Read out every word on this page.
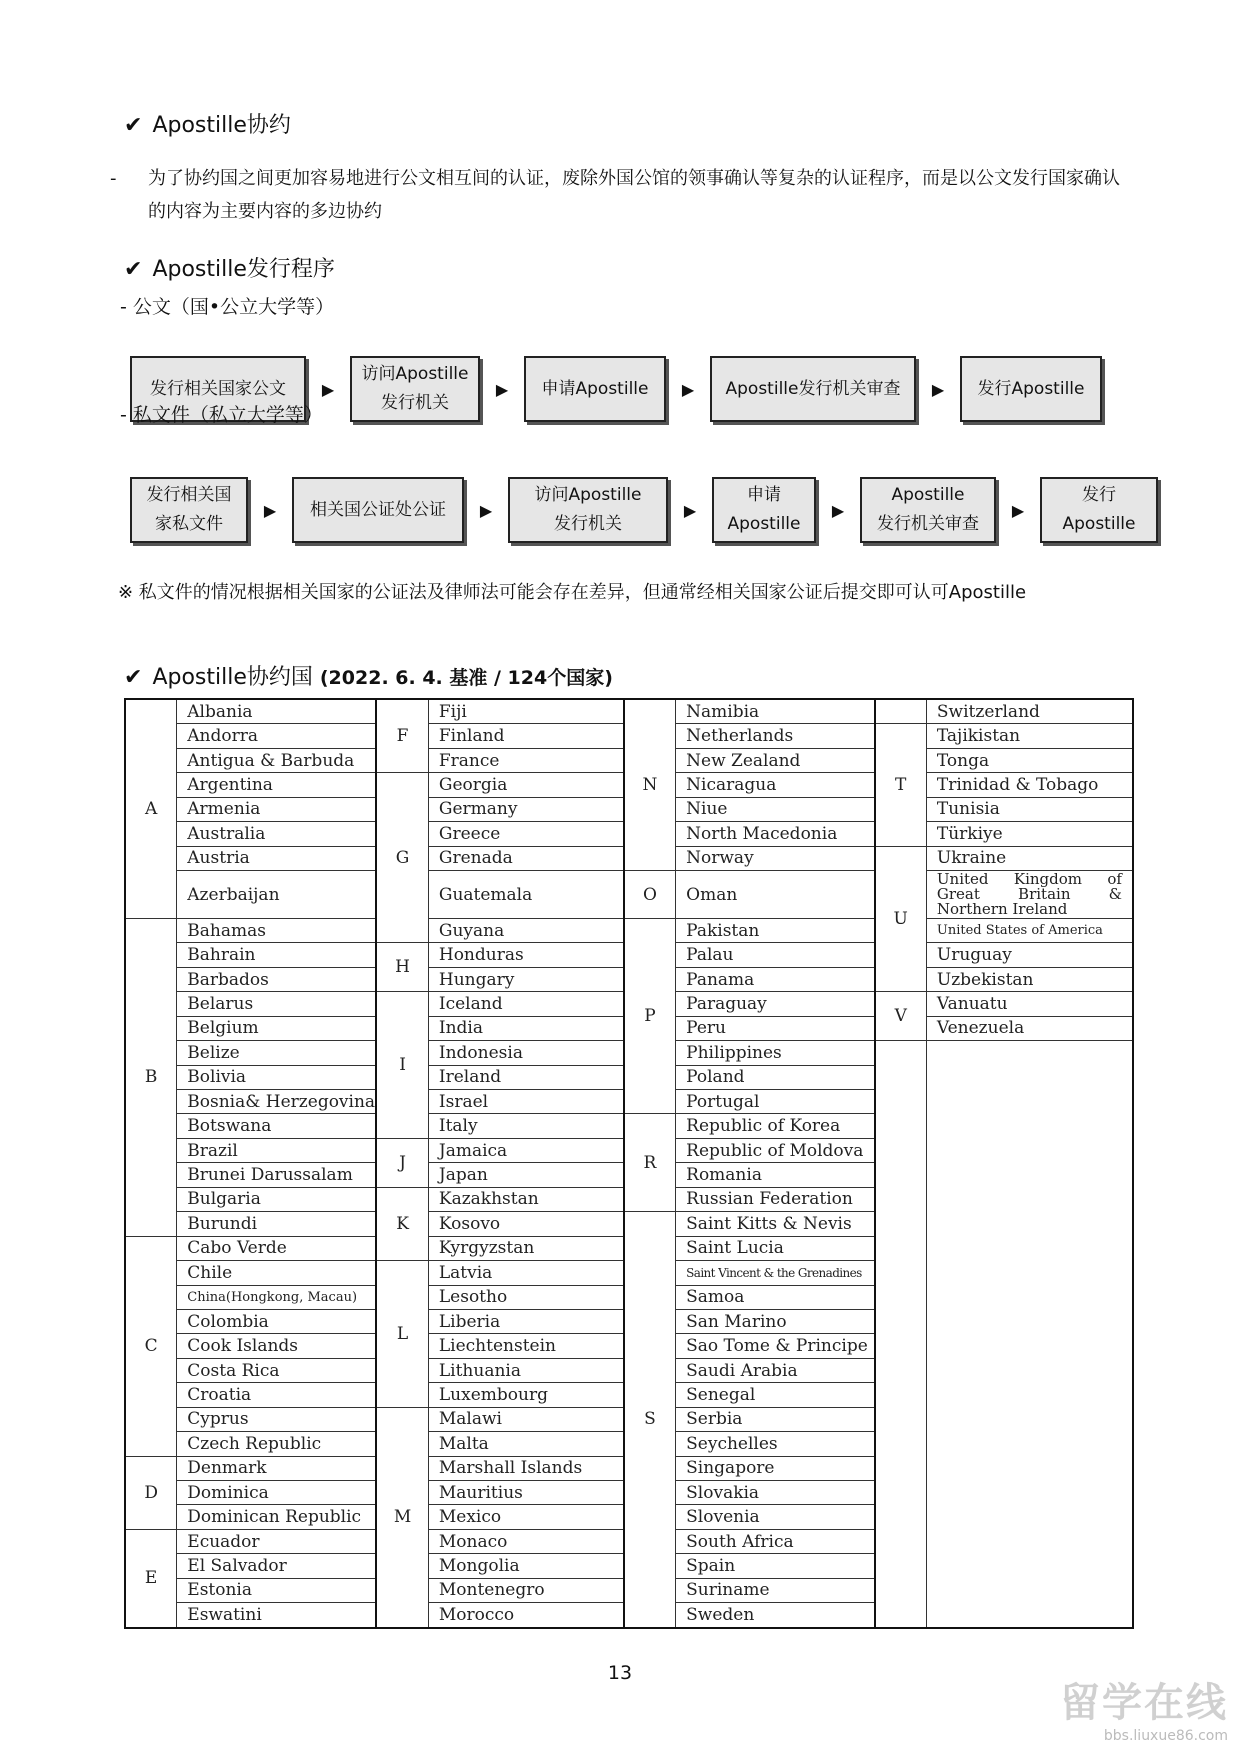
✔ Apostille协约
- 为了协约国之间更加容易地进行公文相互间的认证，废除外国公馆的领事确认等复杂的认证程序，而是以公文发行国家确认的内容为主要内容的多边协约
✔ Apostille发行程序
- 公文（国•公立大学等）
发行相关国家公文	▶
访问Apostille
发行机关
▶	申请Apostille	▶	Apostille发行机关审查	▶	发行Apostille
- 私文件（私立大学等）
发行相关国
家私文件
▶	相关国公证处公证	▶
访问Apostille
发行机关
▶
申请
Apostille
▶
Apostille
发行机关审查
▶
发行
Apostille
※ 私文件的情况根据相关国家的公证法及律师法可能会存在差异，但通常经相关国家公证后提交即可认可Apostille
✔ Apostille协约国 (2022. 6. 4. 基准 / 124个国家)
A	Albania	F	Fiji	N	Namibia		Switzerland
	Andorra		Finland		Netherlands	T	Tajikistan
	Antigua & Barbuda		France		New Zealand		Tonga
	Argentina	G	Georgia		Nicaragua		Trinidad & Tobago
	Armenia		Germany		Niue		Tunisia
	Australia		Greece		North Macedonia		Türkiye
	Austria		Grenada		Norway	U	Ukraine
	Azerbaijan		Guatemala	O	Oman		United Kingdom of Great Britain & Northern Ireland
B	Bahamas		Guyana	P	Pakistan		United States of America
	Bahrain	H	Honduras		Palau		Uruguay
	Barbados		Hungary		Panama		Uzbekistan
	Belarus	I	Iceland		Paraguay	V	Vanuatu
	Belgium		India		Peru		Venezuela
	Belize		Indonesia		Philippines		
	Bolivia		Ireland		Poland		
	Bosnia& Herzegovina		Israel		Portugal		
	Botswana		Italy	R	Republic of Korea		
	Brazil	J	Jamaica		Republic of Moldova		
	Brunei Darussalam		Japan		Romania		
	Bulgaria	K	Kazakhstan		Russian Federation		
	Burundi		Kosovo	S	Saint Kitts & Nevis		
C	Cabo Verde		Kyrgyzstan		Saint Lucia		
	Chile	L	Latvia		Saint Vincent & the Grenadines		
	China(Hongkong, Macau)		Lesotho		Samoa		
	Colombia		Liberia		San Marino		
	Cook Islands		Liechtenstein		Sao Tome & Principe		
	Costa Rica		Lithuania		Saudi Arabia		
	Croatia		Luxembourg		Senegal		
	Cyprus	M	Malawi		Serbia		
	Czech Republic		Malta		Seychelles		
D	Denmark		Marshall Islands		Singapore		
	Dominica		Mauritius		Slovakia		
	Dominican Republic		Mexico		Slovenia		
E	Ecuador		Monaco		South Africa		
	El Salvador		Mongolia		Spain		
	Estonia		Montenegro		Suriname		
	Eswatini		Morocco		Sweden		
13
留学在线
bbs.liuxue86.com
